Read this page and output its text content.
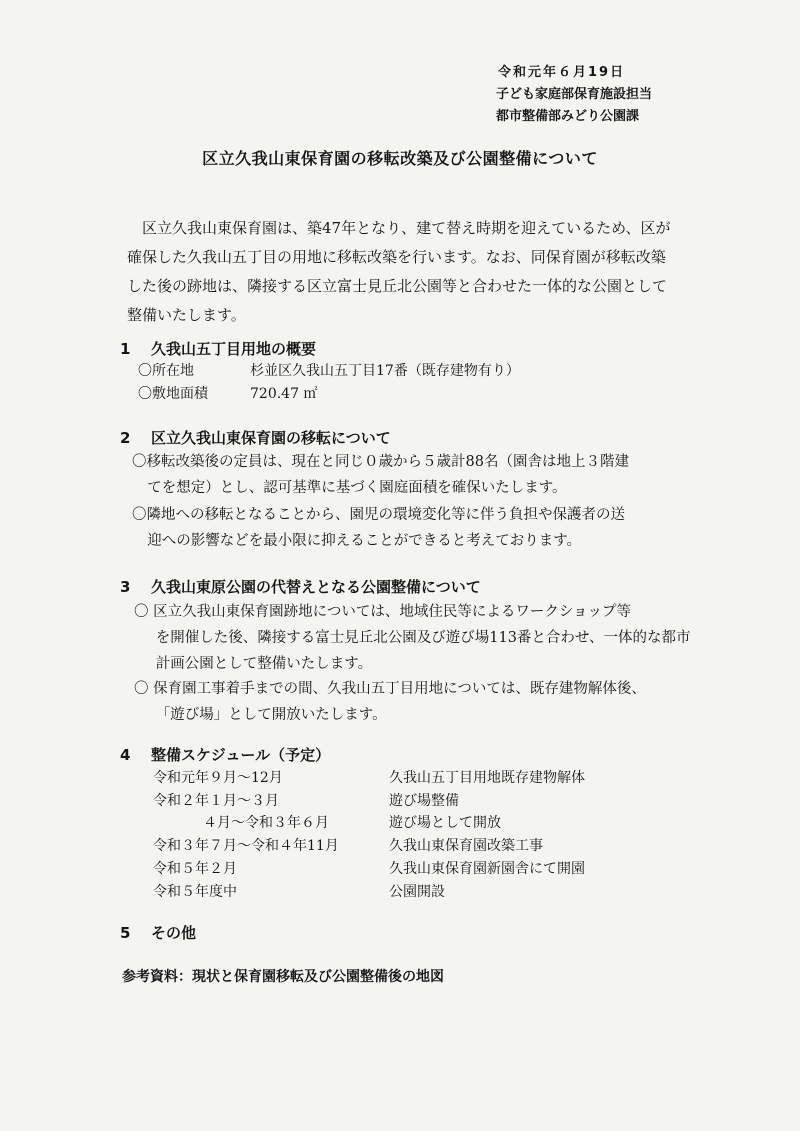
令和元年６月19日
子ども家庭部保育施設担当
都市整備部みどり公園課
区立久我山東保育園の移転改築及び公園整備について

区立久我山東保育園は、築47年となり、建て替え時期を迎えているため、区が確保した久我山五丁目の用地に移転改築を行います。なお、同保育園が移転改築した後の跡地は、隣接する区立富士見丘北公園等と合わせた一体的な公園として整備いたします。

1 久我山五丁目用地の概要
〇所在地	杉並区久我山五丁目17番（既存建物有り）
〇敷地面積	720.47 ㎡
2 区立久我山東保育園の移転について

〇移転改築後の定員は、現在と同じ０歳から５歳計88名（園舎は地上３階建
てを想定）とし、認可基準に基づく園庭面積を確保いたします。

〇隣地への移転となることから、園児の環境変化等に伴う負担や保護者の送
迎への影響などを最小限に抑えることができると考えております。

3 久我山東原公園の代替えとなる公園整備について

〇 区立久我山東保育園跡地については、地域住民等によるワークショップ等
を開催した後、隣接する富士見丘北公園及び遊び場113番と合わせ、一体的な都市計画公園として整備いたします。

〇 保育園工事着手までの間、久我山五丁目用地については、既存建物解体後、
「遊び場」として開放いたします。

4 整備スケジュール（予定）
令和元年９月～12月	久我山五丁目用地既存建物解体
令和２年１月～３月	遊び場整備
４月～令和３年６月	遊び場として開放
令和３年７月～令和４年11月	久我山東保育園改築工事
令和５年２月	久我山東保育園新園舎にて開園
令和５年度中	公園開設
5 その他
参考資料：現状と保育園移転及び公園整備後の地図
